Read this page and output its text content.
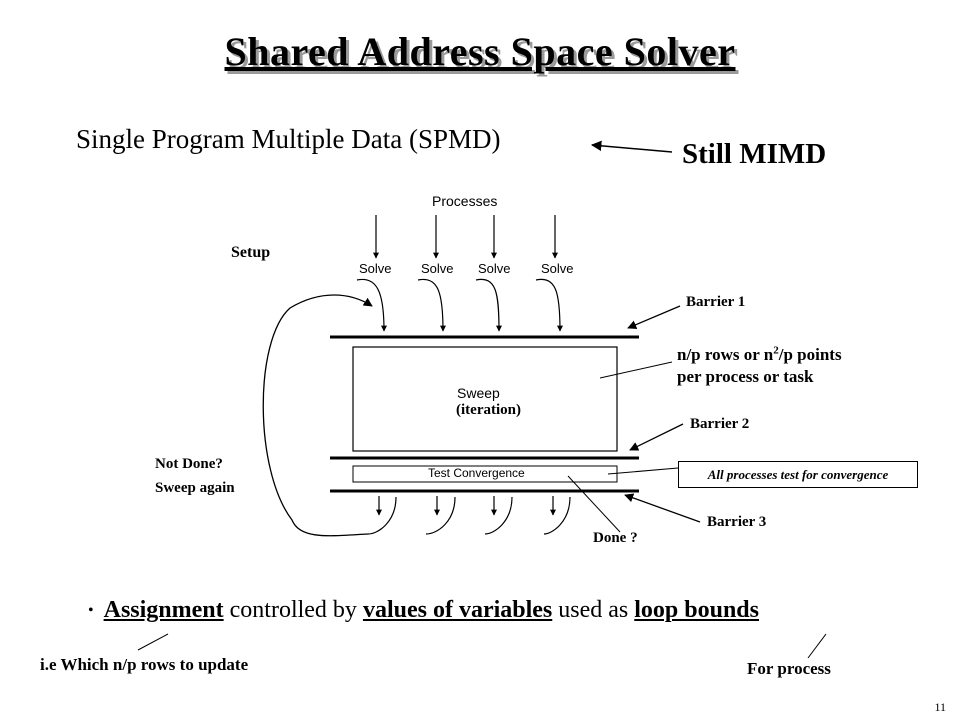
Shared Address Space Solver
Single Program Multiple Data (SPMD)	Still MIMD
Processes
Setup
Solve Solve Solve Solve
Sweep
(iteration)
Test Convergence
Not Done?
Sweep again
Done ?
Barrier 1
n/p rows or $n^2/p$ points
per process or task
Barrier 2
All processes test for convergence
Barrier 3
• Assignment controlled by values of variables used as loop bounds
i.e Which n/p rows to update	For process
11
